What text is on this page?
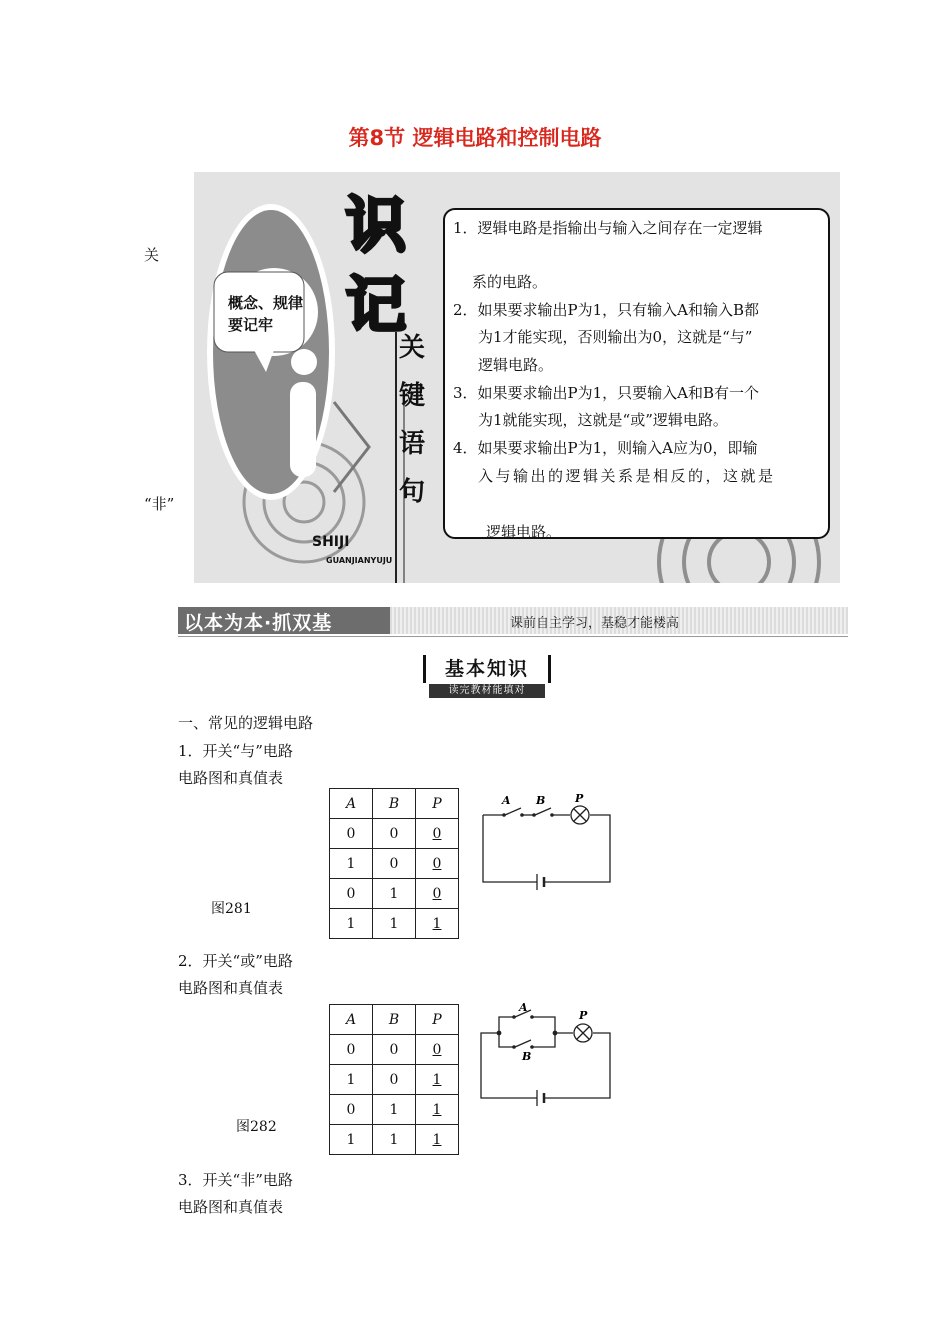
第8节 逻辑电路和控制电路
关
“非”
概念、规律
要记牢
识
记
关
键
语
句
SHIJI
GUANJIANYUJU
1．逻辑电路是指输出与输入之间存在一定逻辑
系的电路。
2．如果要求输出P为1，只有输入A和输入B都
为1才能实现，否则输出为0，这就是“与”
逻辑电路。
3．如果要求输出P为1，只要输入A和B有一个
为1就能实现，这就是“或”逻辑电路。
4．如果要求输出P为1，则输入A应为0，即输
入与输出的逻辑关系是相反的，这就是
逻辑电路。
以本为本·抓双基	课前自主学习，基稳才能楼高
基本知识
读完教材能填对
一、常见的逻辑电路
1．开关“与”电路
电路图和真值表
图281
A	B	P
0	0	0
1	0	0
0	1	0
1	1	1
A B	P
2．开关“或”电路
电路图和真值表
图282
A	B	P
0	0	0
1	0	1
0	1	1
1	1	1
A
B
P
3．开关“非”电路
电路图和真值表
